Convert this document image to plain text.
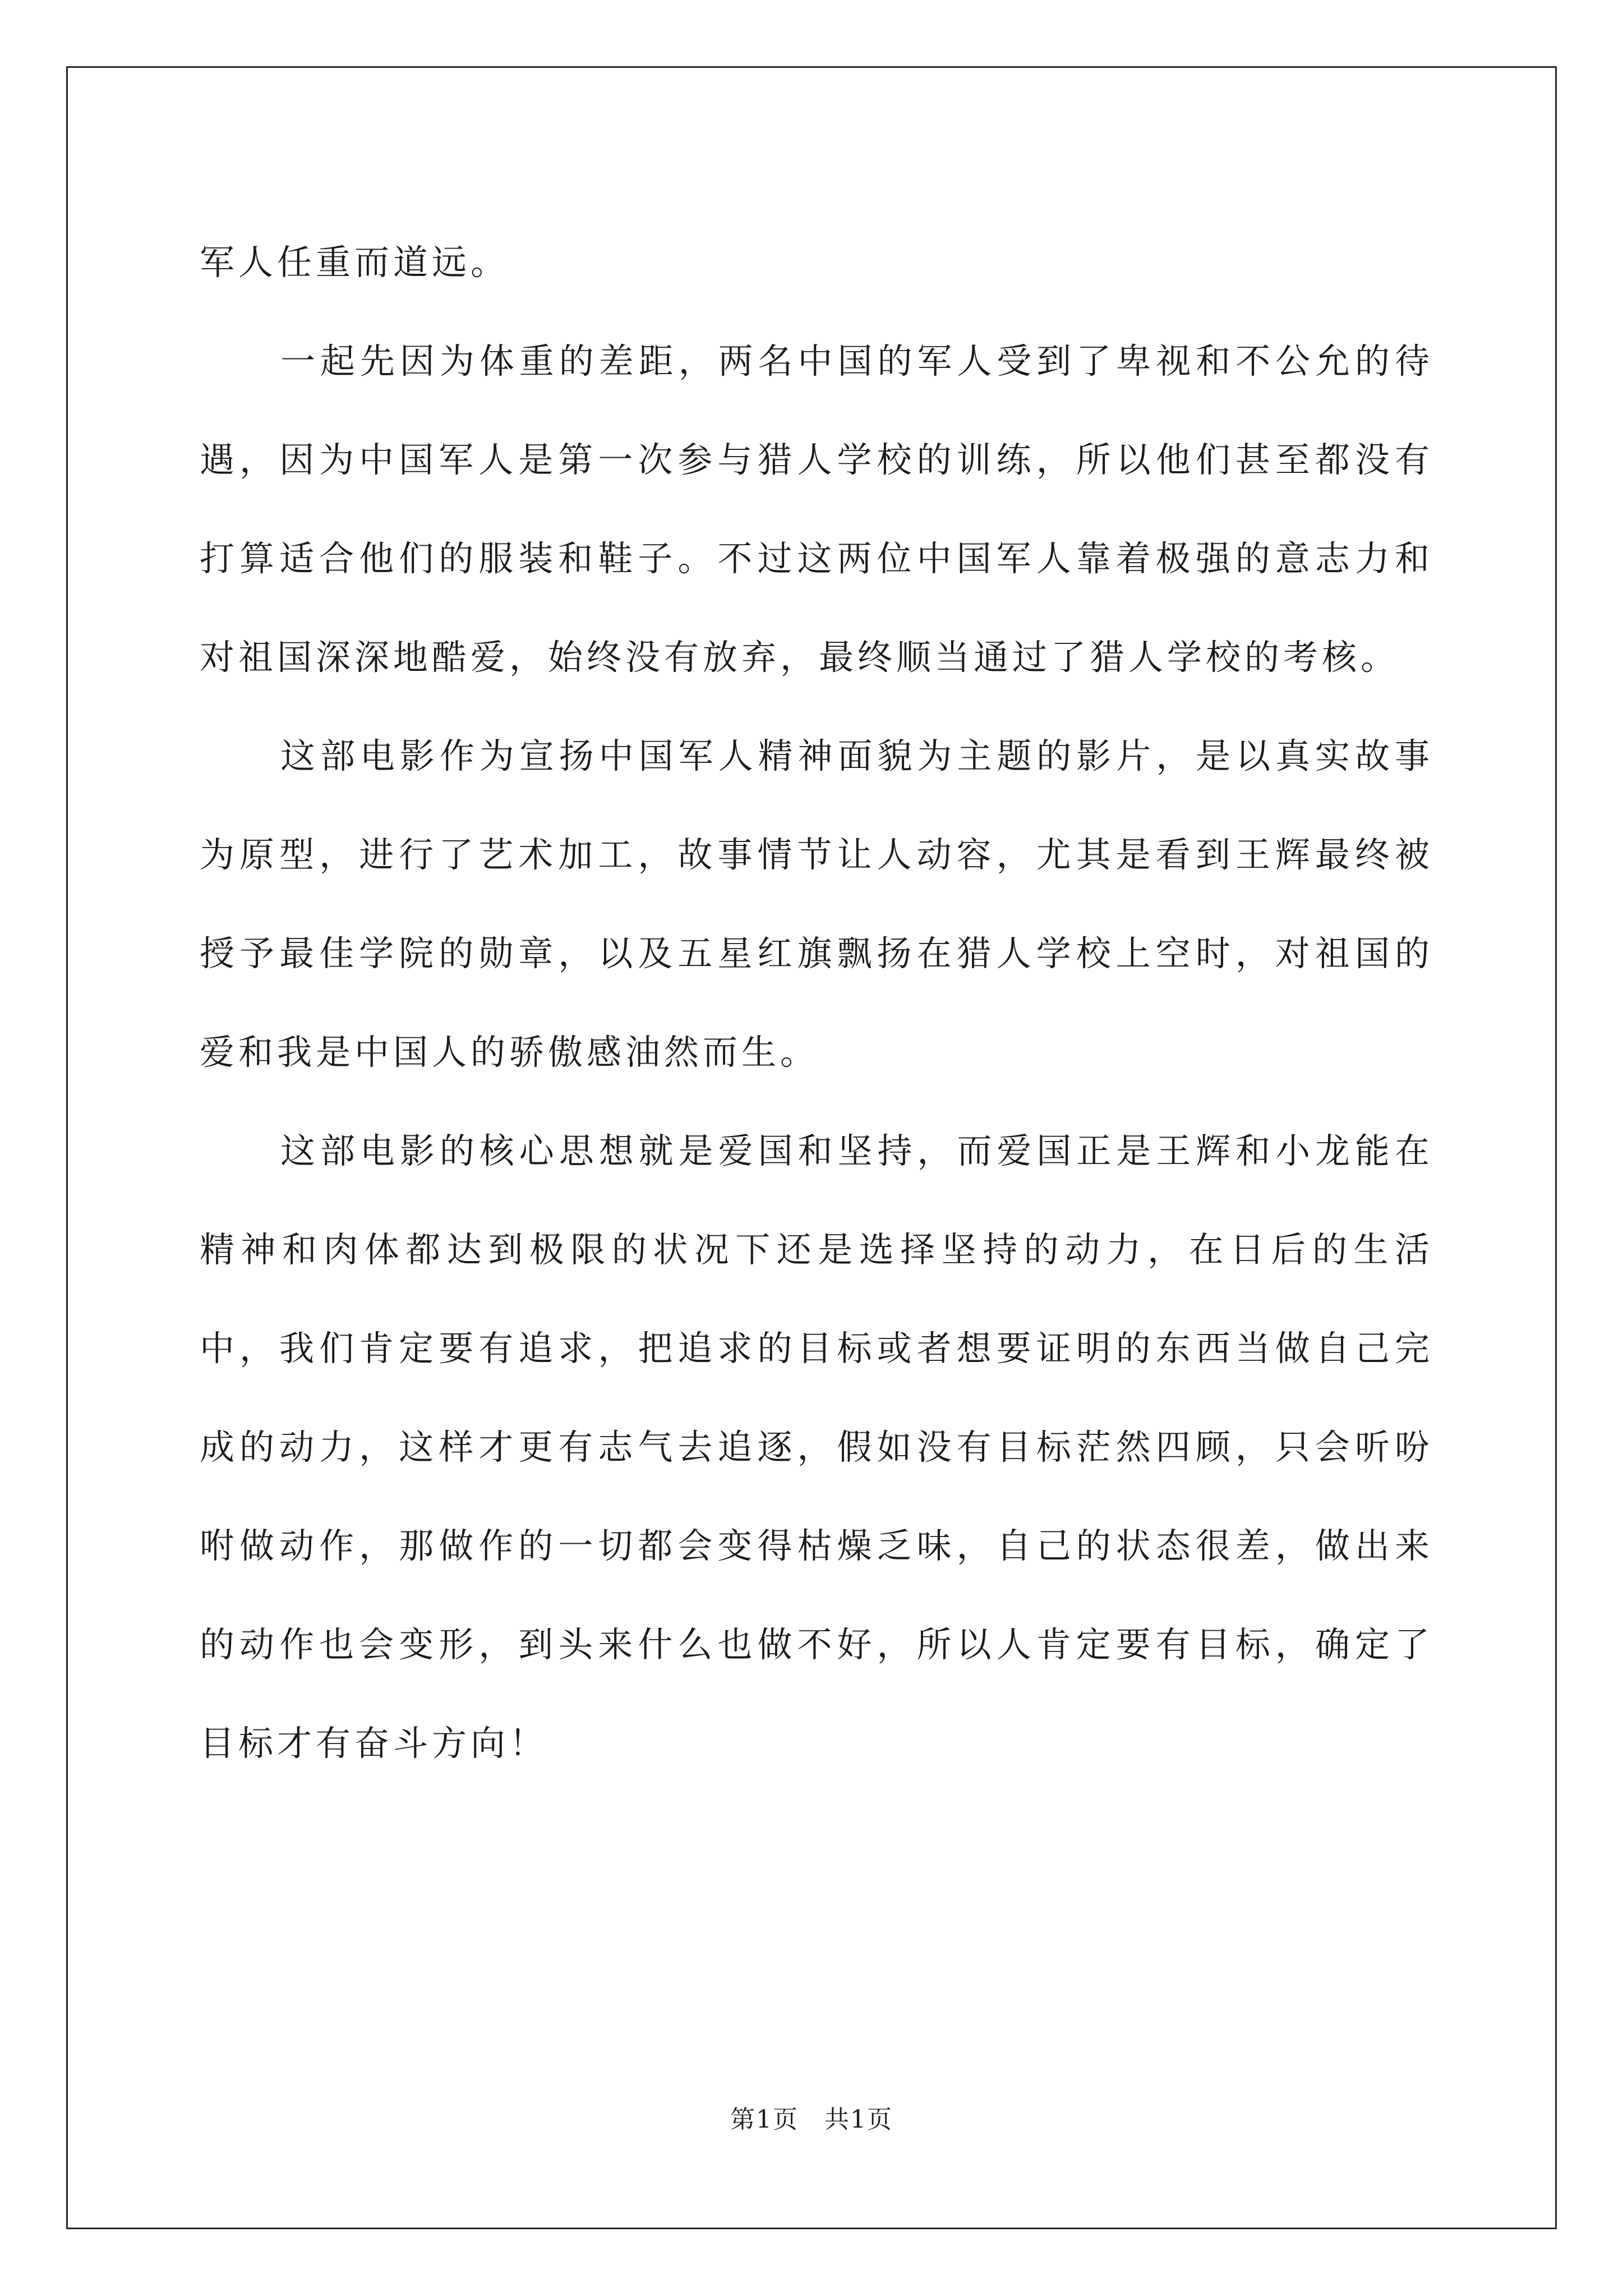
军人任重而道远。

一起先因为体重的差距，两名中国的军人受到了卑视和不公允的待遇，因为中国军人是第一次参与猎人学校的训练，所以他们甚至都没有打算适合他们的服装和鞋子。不过这两位中国军人靠着极强的意志力和对祖国深深地酷爱，始终没有放弃，最终顺当通过了猎人学校的考核。

这部电影作为宣扬中国军人精神面貌为主题的影片，是以真实故事为原型，进行了艺术加工，故事情节让人动容，尤其是看到王辉最终被授予最佳学院的勋章，以及五星红旗飘扬在猎人学校上空时，对祖国的爱和我是中国人的骄傲感油然而生。

这部电影的核心思想就是爱国和坚持，而爱国正是王辉和小龙能在精神和肉体都达到极限的状况下还是选择坚持的动力，在日后的生活中，我们肯定要有追求，把追求的目标或者想要证明的东西当做自己完成的动力，这样才更有志气去追逐，假如没有目标茫然四顾，只会听吩咐做动作，那做作的一切都会变得枯燥乏味，自己的状态很差，做出来的动作也会变形，到头来什么也做不好，所以人肯定要有目标，确定了目标才有奋斗方向！

第1页　共1页
